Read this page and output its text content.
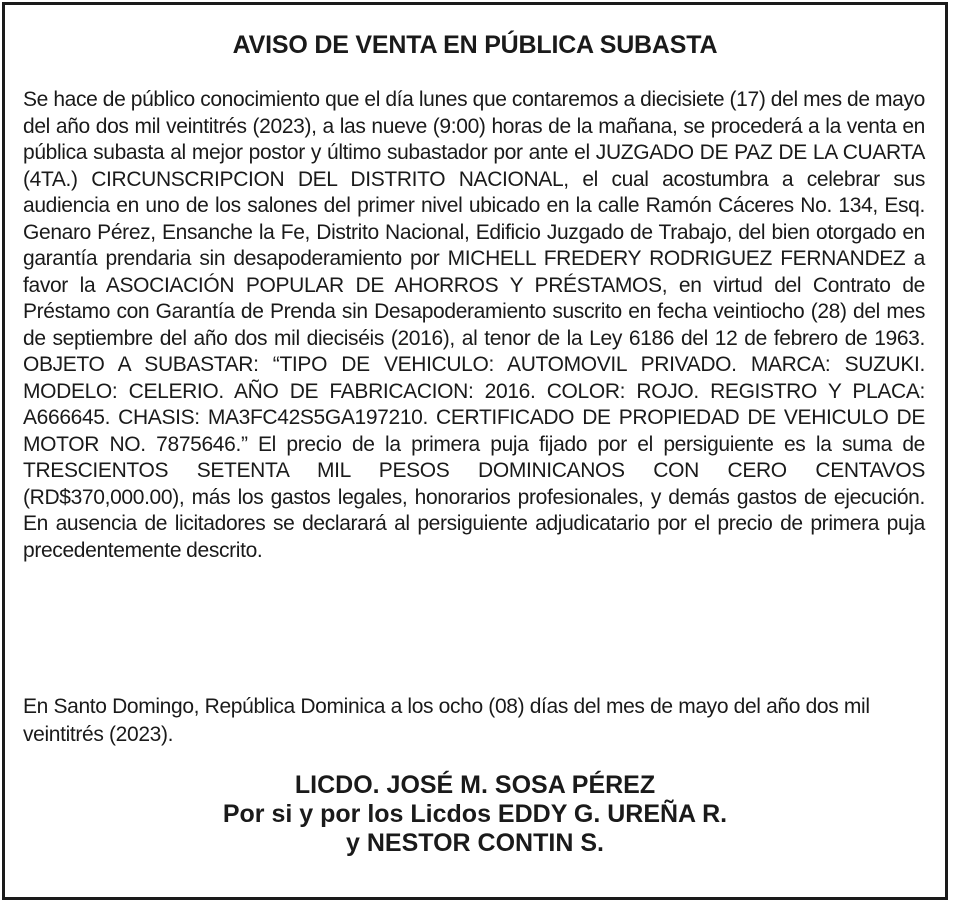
AVISO DE VENTA EN PÚBLICA SUBASTA
Se hace de público conocimiento que el día lunes que contaremos a diecisiete (17) del mes de mayo del año dos mil veintitrés (2023), a las nueve (9:00) horas de la mañana, se procederá a la venta en pública subasta al mejor postor y último subastador por ante el JUZGADO DE PAZ DE LA CUARTA (4TA.) CIRCUNSCRIPCION DEL DISTRITO NACIONAL, el cual acostumbra a celebrar sus audiencia en uno de los salones del primer nivel ubicado en la calle Ramón Cáceres No. 134, Esq. Genaro Pérez, Ensanche la Fe, Distrito Nacional, Edificio Juzgado de Trabajo, del bien otorgado en garantía prendaria sin desapoderamiento por MICHELL FREDERY RODRIGUEZ FERNANDEZ a favor la ASOCIACIÓN POPULAR DE AHORROS Y PRÉSTAMOS, en virtud del Contrato de Préstamo con Garantía de Prenda sin Desapoderamiento suscrito en fecha veintiocho (28) del mes de septiembre del año dos mil dieciséis (2016), al tenor de la Ley 6186 del 12 de febrero de 1963. OBJETO A SUBASTAR: “TIPO DE VEHICULO: AUTOMOVIL PRIVADO. MARCA: SUZUKI. MODELO: CELERIO. AÑO DE FABRICACION: 2016. COLOR: ROJO. REGISTRO Y PLACA: A666645. CHASIS: MA3FC42S5GA197210. CERTIFICADO DE PROPIEDAD DE VEHICULO DE MOTOR NO. 7875646.” El precio de la primera puja fijado por el persiguiente es la suma de TRESCIENTOS SETENTA MIL PESOS DOMINICANOS CON CERO CENTAVOS (RD$370,000.00), más los gastos legales, honorarios profesionales, y demás gastos de ejecución. En ausencia de licitadores se declarará al persiguiente adjudicatario por el precio de primera puja precedentemente descrito.
En Santo Domingo, República Dominica a los ocho (08) días del mes de mayo del año dos mil veintitrés (2023).
LICDO. JOSÉ M. SOSA PÉREZ
Por si y por los Licdos EDDY G. UREÑA R.
y NESTOR CONTIN S.
